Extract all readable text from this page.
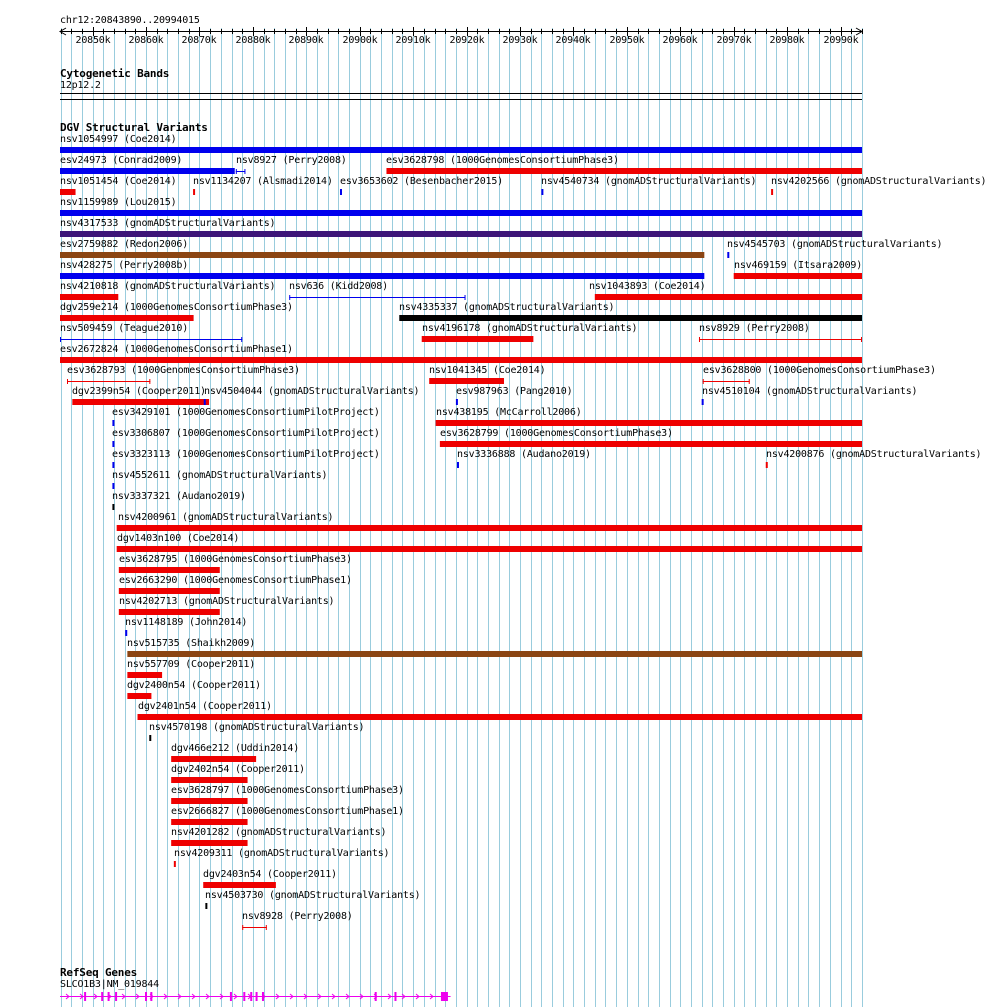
chr12:20843890..20994015
Cytogenetic Bands
12p12.2
DGV Structural Variants
RefSeq Genes
SLCO1B3|NM_019844
20850k 20860k 20870k 20880k 20890k 20900k 20910k 20920k 20930k 20940k 20950k 20960k 20970k 20980k 20990k
nsv1054997 (Coe2014)
esv24973 (Conrad2009)	nsv8927 (Perry2008)	esv3628798 (1000GenomesConsortiumPhase3)
nsv1051454 (Coe2014) nsv1134207 (Alsmadi2014) esv3653602 (Besenbacher2015)	nsv4540734 (gnomADStructuralVariants) nsv4202566 (gnomADStructuralVariants)
nsv1159989 (Lou2015)
nsv4317533 (gnomADStructuralVariants)
esv2759882 (Redon2006)	nsv4545703 (gnomADStructuralVariants)
nsv428275 (Perry2008b)	nsv469159 (Itsara2009)
nsv4210818 (gnomADStructuralVariants) nsv636 (Kidd2008)	nsv1043893 (Coe2014)
dgv259e214 (1000GenomesConsortiumPhase3)	nsv4335337 (gnomADStructuralVariants)
nsv509459 (Teague2010)	nsv4196178 (gnomADStructuralVariants)	nsv8929 (Perry2008)
esv2672824 (1000GenomesConsortiumPhase1)
esv3628793 (1000GenomesConsortiumPhase3)	nsv1041345 (Coe2014)	esv3628800 (1000GenomesConsortiumPhase3)
dgv2399n54 (Cooper2011)
nsv4504044 (gnomADStructuralVariants)	esv987963 (Pang2010)	nsv4510104 (gnomADStructuralVariants)
esv3429101 (1000GenomesConsortiumPilotProject)	nsv438195 (McCarroll2006)
esv3306807 (1000GenomesConsortiumPilotProject)	esv3628799 (1000GenomesConsortiumPhase3)
esv3323113 (1000GenomesConsortiumPilotProject)	nsv3336888 (Audano2019)	nsv4200876 (gnomADStructuralVariants)
nsv4552611 (gnomADStructuralVariants)
nsv3337321 (Audano2019)
nsv4200961 (gnomADStructuralVariants)
dgv1403n100 (Coe2014)
esv3628795 (1000GenomesConsortiumPhase3)
esv2663290 (1000GenomesConsortiumPhase1)
nsv4202713 (gnomADStructuralVariants)
nsv1148189 (John2014)
nsv515735 (Shaikh2009)
nsv557709 (Cooper2011)
dgv2400n54 (Cooper2011)
dgv2401n54 (Cooper2011)
nsv4570198 (gnomADStructuralVariants)
dgv466e212 (Uddin2014)
dgv2402n54 (Cooper2011)
esv3628797 (1000GenomesConsortiumPhase3)
esv2666827 (1000GenomesConsortiumPhase1)
nsv4201282 (gnomADStructuralVariants)
nsv4209311 (gnomADStructuralVariants)
dgv2403n54 (Cooper2011)
nsv4503730 (gnomADStructuralVariants)
nsv8928 (Perry2008)
